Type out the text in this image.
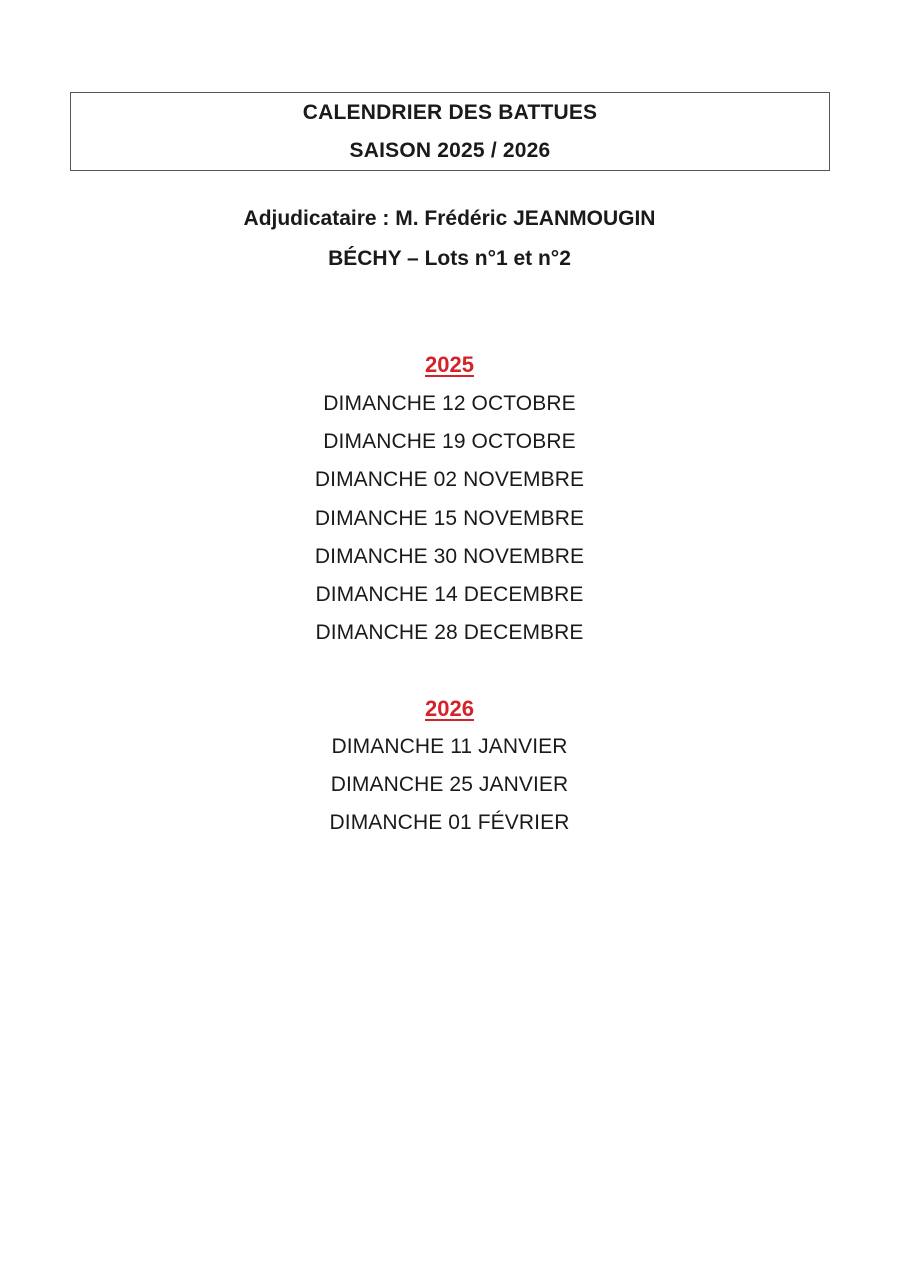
CALENDRIER DES BATTUES
SAISON 2025 / 2026
Adjudicataire : M. Frédéric JEANMOUGIN
BÉCHY – Lots n°1 et n°2
2025
DIMANCHE 12 OCTOBRE
DIMANCHE 19 OCTOBRE
DIMANCHE 02 NOVEMBRE
DIMANCHE 15 NOVEMBRE
DIMANCHE 30 NOVEMBRE
DIMANCHE 14 DECEMBRE
DIMANCHE 28 DECEMBRE
2026
DIMANCHE 11 JANVIER
DIMANCHE 25 JANVIER
DIMANCHE 01 FÉVRIER
